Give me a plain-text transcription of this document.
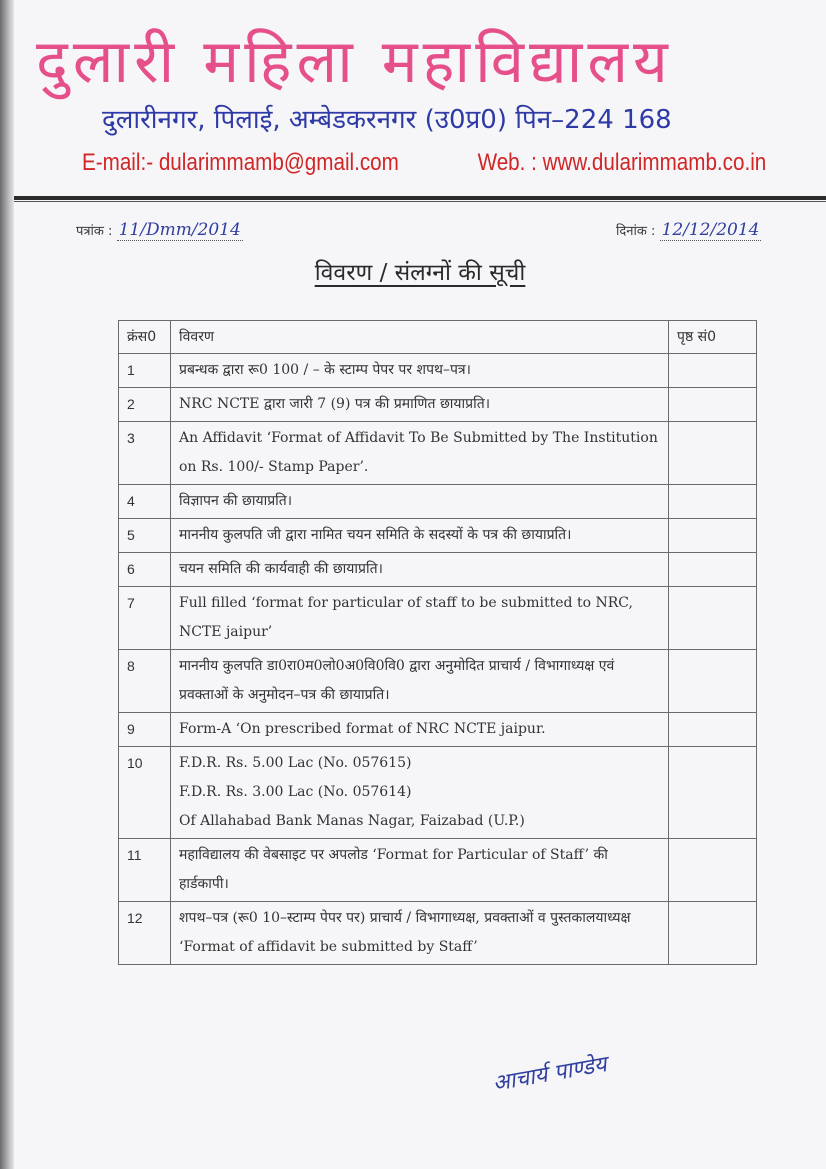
दुलारी महिला महाविद्यालय
दुलारीनगर, पिलाई, अम्बेडकरनगर (उ0प्र0) पिन–224 168
E-mail:- dularimmamb@gmail.com	Web. : www.dularimmamb.co.in
पत्रांक : 11/Dmm/2014	दिनांक : 12/12/2014
विवरण / संलग्नों की सूची
क्रंस0	विवरण	पृष्ठ सं0
1	प्रबन्धक द्वारा रू0 100 / – के स्टाम्प पेपर पर शपथ–पत्र।	
2	NRC NCTE द्वारा जारी 7 (9) पत्र की प्रमाणित छायाप्रति।	
3	An Affidavit ‘Format of Affidavit To Be Submitted by The Institution on Rs. 100/- Stamp Paper’.	
4	विज्ञापन की छायाप्रति।	
5	माननीय कुलपति जी द्वारा नामित चयन समिति के सदस्यों के पत्र की छायाप्रति।	
6	चयन समिति की कार्यवाही की छायाप्रति।	
7	Full filled ‘format for particular of staff to be submitted to NRC, NCTE jaipur’	
8	माननीय कुलपति डा0रा0म0लो0अ0वि0वि0 द्वारा अनुमोदित प्राचार्य / विभागाध्यक्ष एवं प्रवक्ताओं के अनुमोदन–पत्र की छायाप्रति।	
9	Form-A ‘On prescribed format of NRC NCTE jaipur.	
10	F.D.R. Rs. 5.00 Lac (No. 057615)
F.D.R. Rs. 3.00 Lac (No. 057614)
Of Allahabad Bank Manas Nagar, Faizabad (U.P.)	

11	महाविद्यालय की वेबसाइट पर अपलोड ‘Format for Particular of Staff’ की हार्डकापी।	
12	शपथ–पत्र (रू0 10–स्टाम्प पेपर पर) प्राचार्य / विभागाध्यक्ष, प्रवक्ताओं व पुस्तकालयाध्यक्ष ‘Format of affidavit be submitted by Staff’	
आचार्य पाण्डेय
